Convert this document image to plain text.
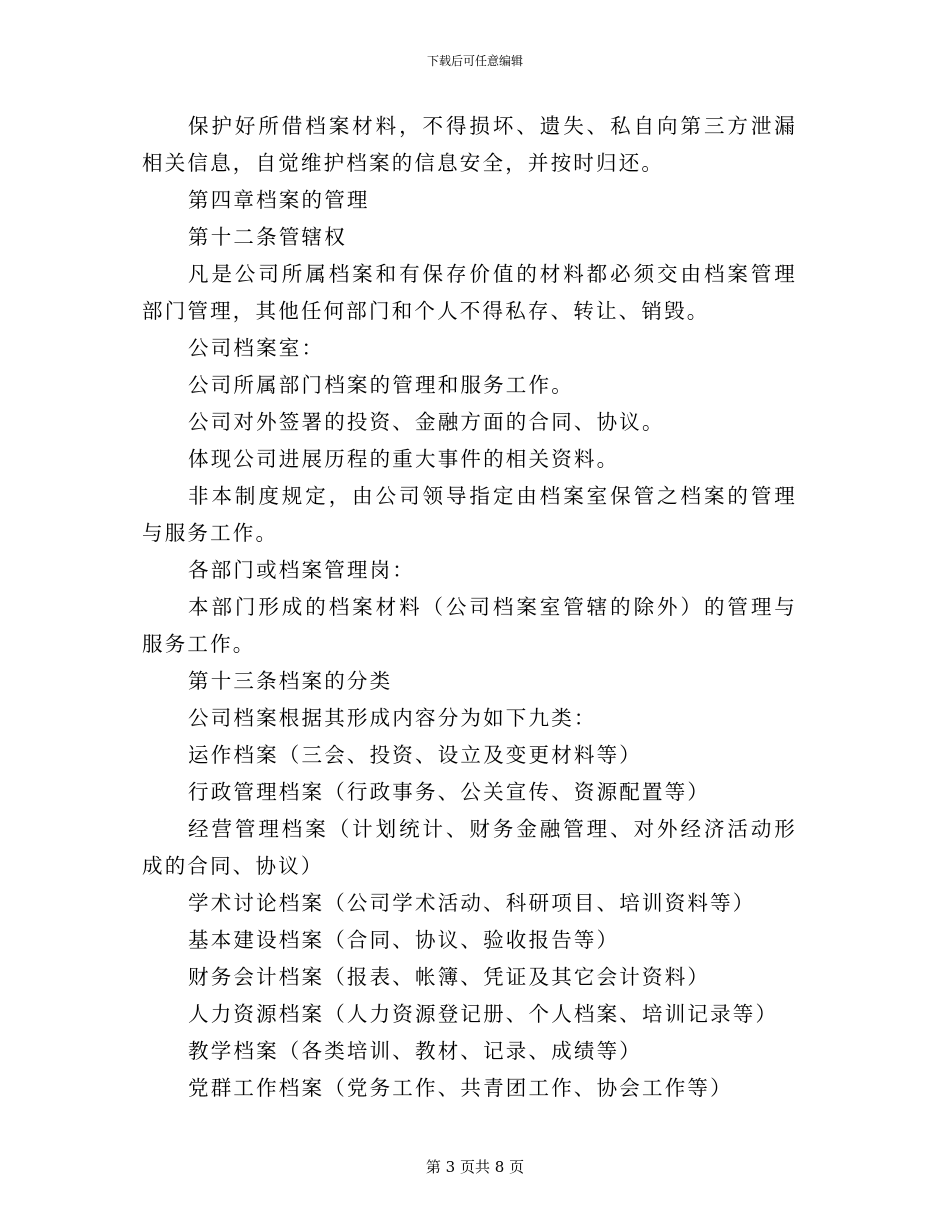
下载后可任意编辑

保护好所借档案材料，不得损坏、遗失、私自向第三方泄漏相关信息，自觉维护档案的信息安全，并按时归还。

第四章档案的管理

第十二条管辖权

凡是公司所属档案和有保存价值的材料都必须交由档案管理部门管理，其他任何部门和个人不得私存、转让、销毁。

公司档案室：

公司所属部门档案的管理和服务工作。

公司对外签署的投资、金融方面的合同、协议。

体现公司进展历程的重大事件的相关资料。

非本制度规定，由公司领导指定由档案室保管之档案的管理与服务工作。

各部门或档案管理岗：

本部门形成的档案材料（公司档案室管辖的除外）的管理与服务工作。

第十三条档案的分类

公司档案根据其形成内容分为如下九类：

运作档案（三会、投资、设立及变更材料等）

行政管理档案（行政事务、公关宣传、资源配置等）

经营管理档案（计划统计、财务金融管理、对外经济活动形成的合同、协议）

学术讨论档案（公司学术活动、科研项目、培训资料等）

基本建设档案（合同、协议、验收报告等）

财务会计档案（报表、帐簿、凭证及其它会计资料）

人力资源档案（人力资源登记册、个人档案、培训记录等）

教学档案（各类培训、教材、记录、成绩等）

党群工作档案（党务工作、共青团工作、协会工作等）

第 3 页共 8 页
